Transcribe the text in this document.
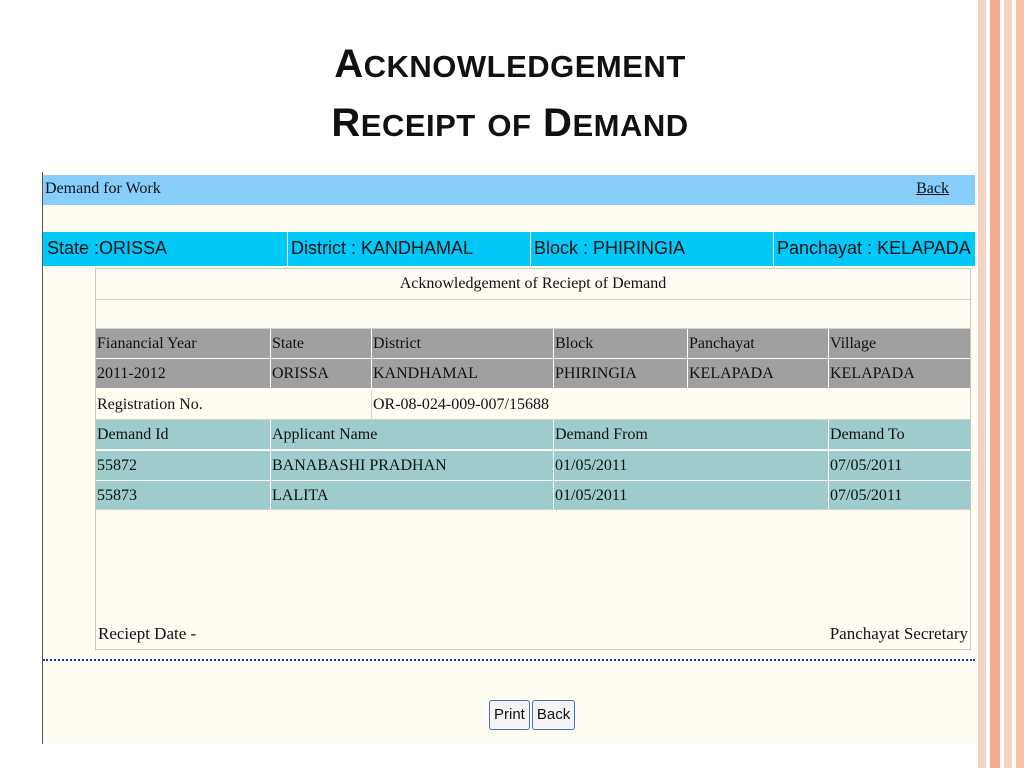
ACKNOWLEDGEMENT
RECEIPT OF DEMAND
Demand for Work	Back
State :ORISSA	District : KANDHAMAL	Block : PHIRINGIA	Panchayat : KELAPADA
Acknowledgement of Reciept of Demand
Fianancial Year	State	District	Block	Panchayat	Village
2011-2012	ORISSA	KANDHAMAL	PHIRINGIA	KELAPADA	KELAPADA
Registration No.	OR-08-024-009-007/15688
Demand Id	Applicant Name	Demand From	Demand To
55872	BANABASHI PRADHAN	01/05/2011	07/05/2011
55873	LALITA	01/05/2011	07/05/2011
Reciept Date -	Panchayat Secretary
Print Back
